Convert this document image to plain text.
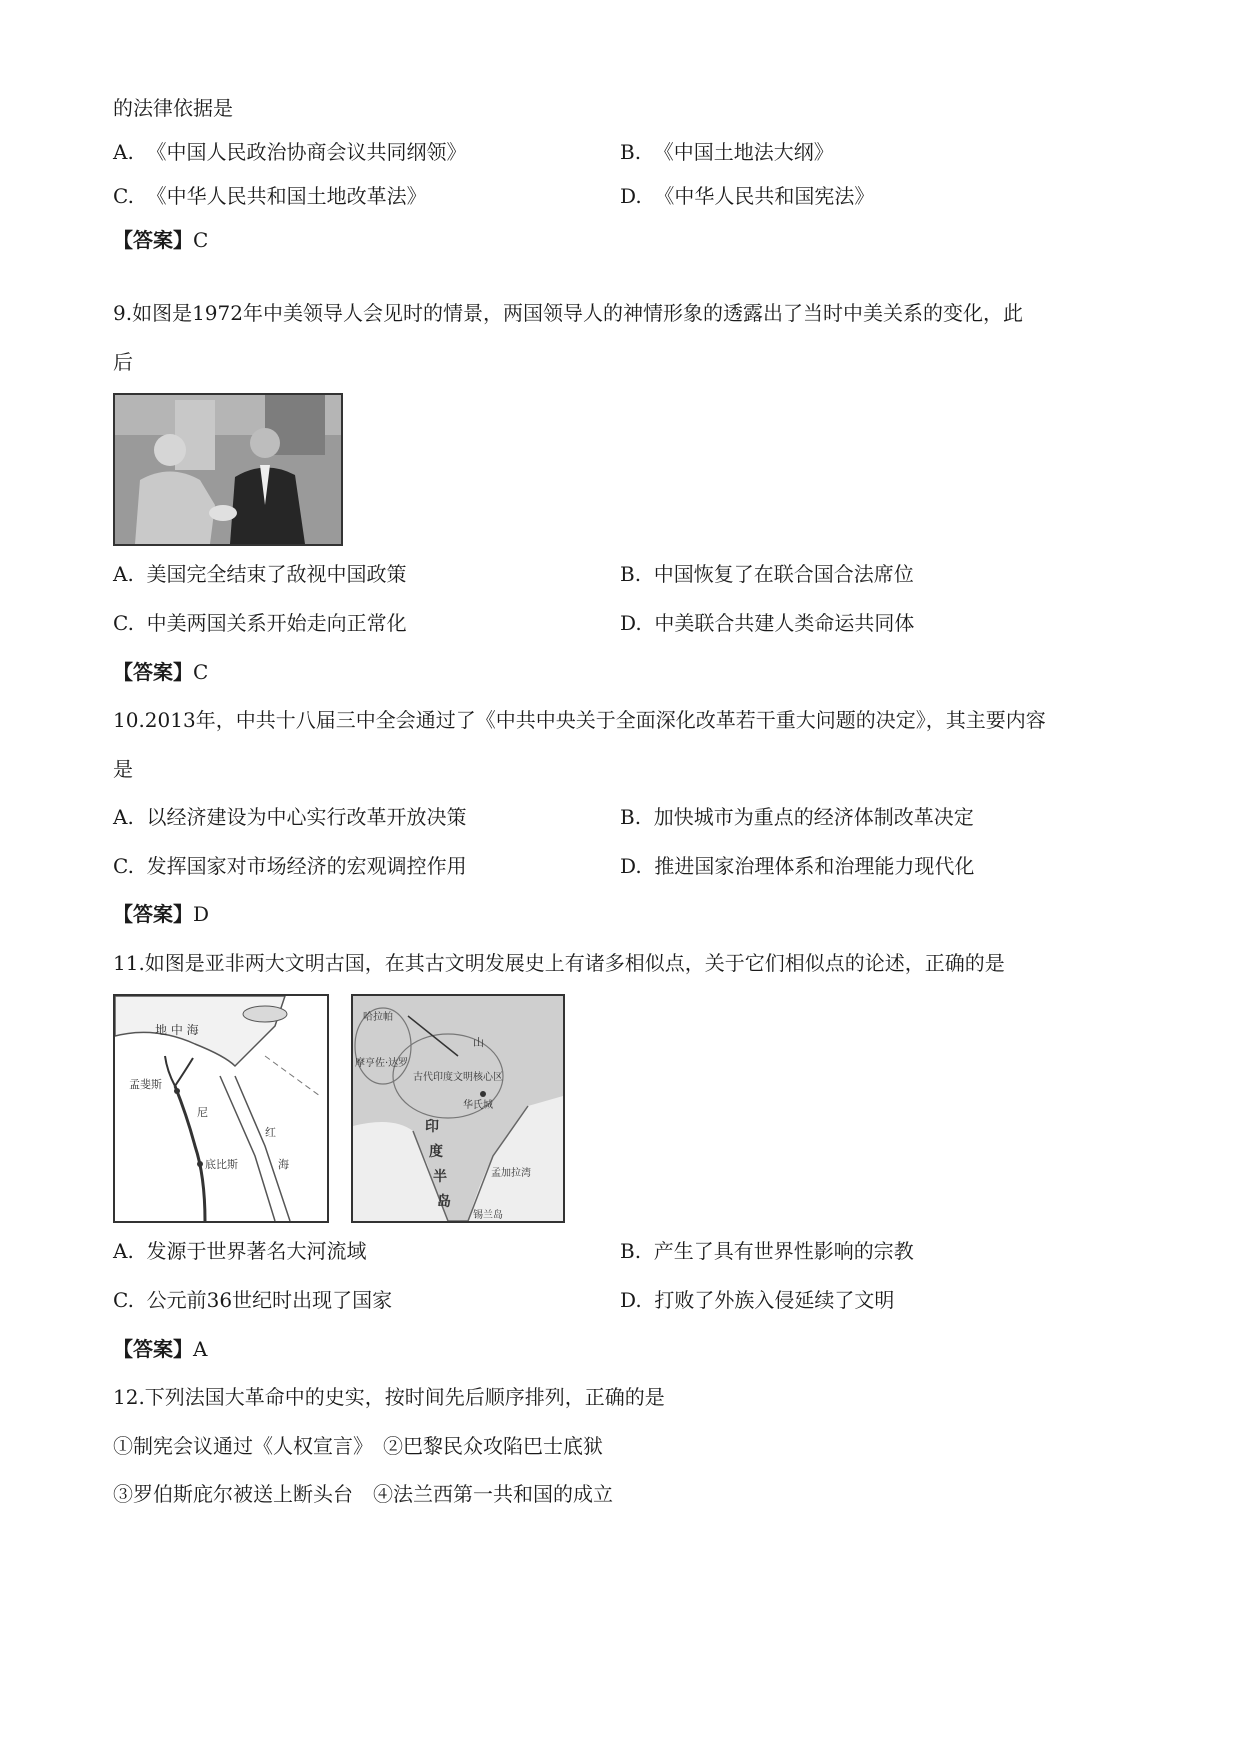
的法律依据是
A. 《中国人民政治协商会议共同纲领》	B. 《中国土地法大纲》
C. 《中华人民共和国土地改革法》	D. 《中华人民共和国宪法》
【答案】C
9.如图是1972年中美领导人会见时的情景，两国领导人的神情形象的透露出了当时中美关系的变化，此
后
A. 美国完全结束了敌视中国政策	B. 中国恢复了在联合国合法席位
C. 中美两国关系开始走向正常化	D. 中美联合共建人类命运共同体
【答案】C
10.2013年，中共十八届三中全会通过了《中共中央关于全面深化改革若干重大问题的决定》，其主要内容
是
A. 以经济建设为中心实行改革开放决策	B. 加快城市为重点的经济体制改革决定
C. 发挥国家对市场经济的宏观调控作用	D. 推进国家治理体系和治理能力现代化
【答案】D
11.如图是亚非两大文明古国，在其古文明发展史上有诸多相似点，关于它们相似点的论述，正确的是
地 中 海
孟斐斯
尼
底比斯
红
海
哈拉帕
摩亨佐·达罗
古代印度文明核心区
华氏城
山
印
度
半
岛
孟加拉湾
锡兰岛
A. 发源于世界著名大河流域	B. 产生了具有世界性影响的宗教
C. 公元前36世纪时出现了国家	D. 打败了外族入侵延续了文明
【答案】A
12.下列法国大革命中的史实，按时间先后顺序排列，正确的是
①制宪会议通过《人权宣言》　②巴黎民众攻陷巴士底狱
③罗伯斯庇尔被送上断头台　④法兰西第一共和国的成立
